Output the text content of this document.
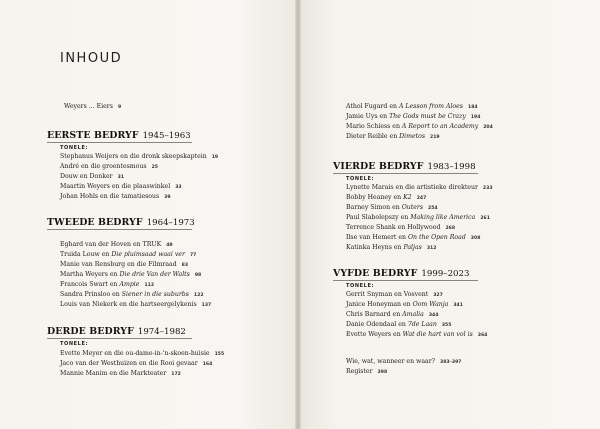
INHOUD
Weyers ... Eiers 9
EERSTE BEDRYF 1945–1963
TONELE:
Stephanus Weijers en die dronk skeepskaptein 19
André en die groentesmous 25
Douw en Donker 31
Maartin Weyers en die plaaswinkel 33
Johan Hohls en die tamatiesous 39
TWEEDE BEDRYF 1964–1973
Eghard van der Hoven en TRUK 49
Truida Louw en Die pluimsaad waai ver 77
Manie van Rensburg en die Filmraad 83
Martha Weyers en Die drie Van der Walts 98
Francois Swart en Ampie 112
Sandra Prinsloo en Siener in die suburbs 122
Louis van Niekerk en die hartseergelykenis 137
DERDE BEDRYF 1974–1982
TONELE:
Evette Meyer en die ou-dame-in-'n-skoen-huisie 155
Jaco van der Westhuizen en die Rooi gevaar 164
Mannie Manim en die Markteater 172
Athol Fugard en A Lesson from Aloes 184
Jamie Uys en The Gods must be Crazy 194
Mario Schiess en A Report to an Academy 204
Dieter Reible en Dimetos 219
VIERDE BEDRYF 1983–1998
TONELE:
Lynette Marais en die artistieke direkteur 233
Bobby Heaney en K2 247
Barney Simon en Outers 254
Paul Slabolepszy en Making like America 261
Terrence Shank en Hollywood 268
Ilse van Hemert en On the Open Road 308
Katinka Heyns en Paljas 312
VYFDE BEDRYF 1999–2023
TONELE:
Gerrit Snyman en Vosvent 327
Janice Honeyman en Oom Wanja 341
Chris Barnard en Amalia 344
Danie Odendaal en 7de Laan 355
Evette Weyers en Wat die hart van vol is 364
Wie, wat, wanneer en waar? 383–397
Register 398
